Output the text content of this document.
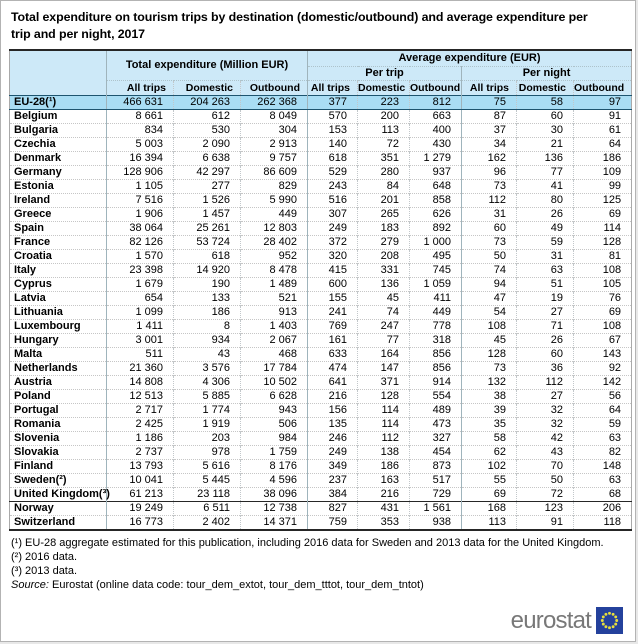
Total expenditure on tourism trips by destination (domestic/outbound) and average expenditure per trip and per night, 2017
	Total expenditure (Million EUR)			Average expenditure (EUR)					
				Per trip			Per night		
	All trips	Domestic	Outbound	All trips	Domestic	Outbound	All trips	Domestic	Outbound
EU-28(¹)	466 631	204 263	262 368	377	223	812	75	58	97
Belgium	8 661	612	8 049	570	200	663	87	60	91
Bulgaria	834	530	304	153	113	400	37	30	61
Czechia	5 003	2 090	2 913	140	72	430	34	21	64
Denmark	16 394	6 638	9 757	618	351	1 279	162	136	186
Germany	128 906	42 297	86 609	529	280	937	96	77	109
Estonia	1 105	277	829	243	84	648	73	41	99
Ireland	7 516	1 526	5 990	516	201	858	112	80	125
Greece	1 906	1 457	449	307	265	626	31	26	69
Spain	38 064	25 261	12 803	249	183	892	60	49	114
France	82 126	53 724	28 402	372	279	1 000	73	59	128
Croatia	1 570	618	952	320	208	495	50	31	81
Italy	23 398	14 920	8 478	415	331	745	74	63	108
Cyprus	1 679	190	1 489	600	136	1 059	94	51	105
Latvia	654	133	521	155	45	411	47	19	76
Lithuania	1 099	186	913	241	74	449	54	27	69
Luxembourg	1 411	8	1 403	769	247	778	108	71	108
Hungary	3 001	934	2 067	161	77	318	45	26	67
Malta	511	43	468	633	164	856	128	60	143
Netherlands	21 360	3 576	17 784	474	147	856	73	36	92
Austria	14 808	4 306	10 502	641	371	914	132	112	142
Poland	12 513	5 885	6 628	216	128	554	38	27	56
Portugal	2 717	1 774	943	156	114	489	39	32	64
Romania	2 425	1 919	506	135	114	473	35	32	59
Slovenia	1 186	203	984	246	112	327	58	42	63
Slovakia	2 737	978	1 759	249	138	454	62	43	82
Finland	13 793	5 616	8 176	349	186	873	102	70	148
Sweden(²)	10 041	5 445	4 596	237	163	517	55	50	63
United Kingdom(³)	61 213	23 118	38 096	384	216	729	69	72	68
Norway	19 249	6 511	12 738	827	431	1 561	168	123	206
Switzerland	16 773	2 402	14 371	759	353	938	113	91	118
(¹) EU-28 aggregate estimated for this publication, including 2016 data for Sweden and 2013 data for the United Kingdom.
(²) 2016 data.
(³) 2013 data.
Source: Eurostat (online data code: tour_dem_extot, tour_dem_tttot, tour_dem_tntot)
eurostat
